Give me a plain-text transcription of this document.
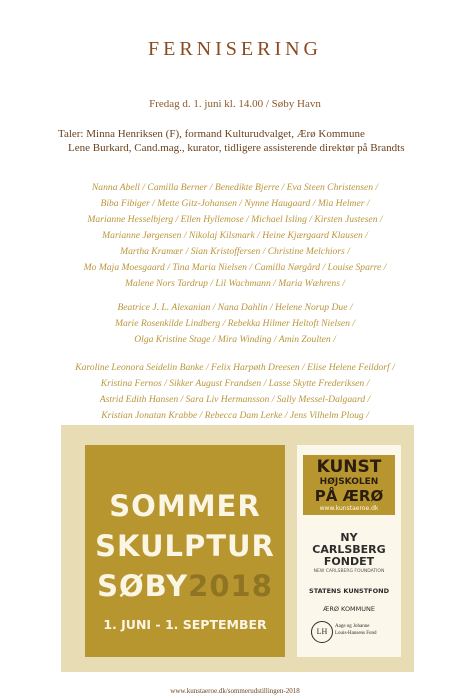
FERNISERING
Fredag d. 1. juni kl. 14.00 / Søby Havn
Taler: Minna Henriksen (F), formand Kulturudvalget, Ærø Kommune
Lene Burkard, Cand.mag., kurator, tidligere assisterende direktør på Brandts
Nanna Abell / Camilla Berner / Benedikte Bjerre / Eva Steen Christensen /
Biba Fibiger / Mette Gitz-Johansen / Nynne Haugaard / Mia Helmer /
Marianne Hesselbjerg / Ellen Hyllemose / Michael Isling / Kirsten Justesen /
Marianne Jørgensen / Nikolaj Kilsmark / Heine Kjærgaard Klausen /
Martha Kramær / Sian Kristoffersen / Christine Melchiors /
Mo Maja Moesgaard / Tina Maria Nielsen / Camilla Nørgård / Louise Sparre /
Malene Nors Tardrup / Lil Wachmann / Maria Wæhrens /
Beatrice J. L. Alexanian / Nana Dahlin / Helene Norup Due /
Marie Rosenkilde Lindberg / Rebekka Hilmer Heltoft Nielsen /
Olga Kristine Stage / Mira Winding / Amin Zoulten /
Karoline Leonora Seidelin Banke / Felix Harpøth Dreesen / Elise Helene Feildorf /
Kristina Fernos / Sikker August Frandsen / Lasse Skytte Frederiksen /
Astrid Edith Hansen / Sara Liv Hermansson / Sally Messel-Dalgaard /
Kristian Jonatan Krabbe / Rebecca Dam Lerke / Jens Vilhelm Ploug /
SOMMER
SKULPTUR
SØBY2018
1. JUNI - 1. SEPTEMBER
KUNST
HØJSKOLEN
PÅ ÆRØ
www.kunstaeroe.dk
NY
CARLSBERG
FONDET
NEW CARLSBERG FOUNDATION
STATENS KUNSTFOND
ÆRØ KOMMUNE
LH
Aage og Johanne
Louis-Hansens Fond
www.kunstaeroe.dk/sommerudstillingen-2018
